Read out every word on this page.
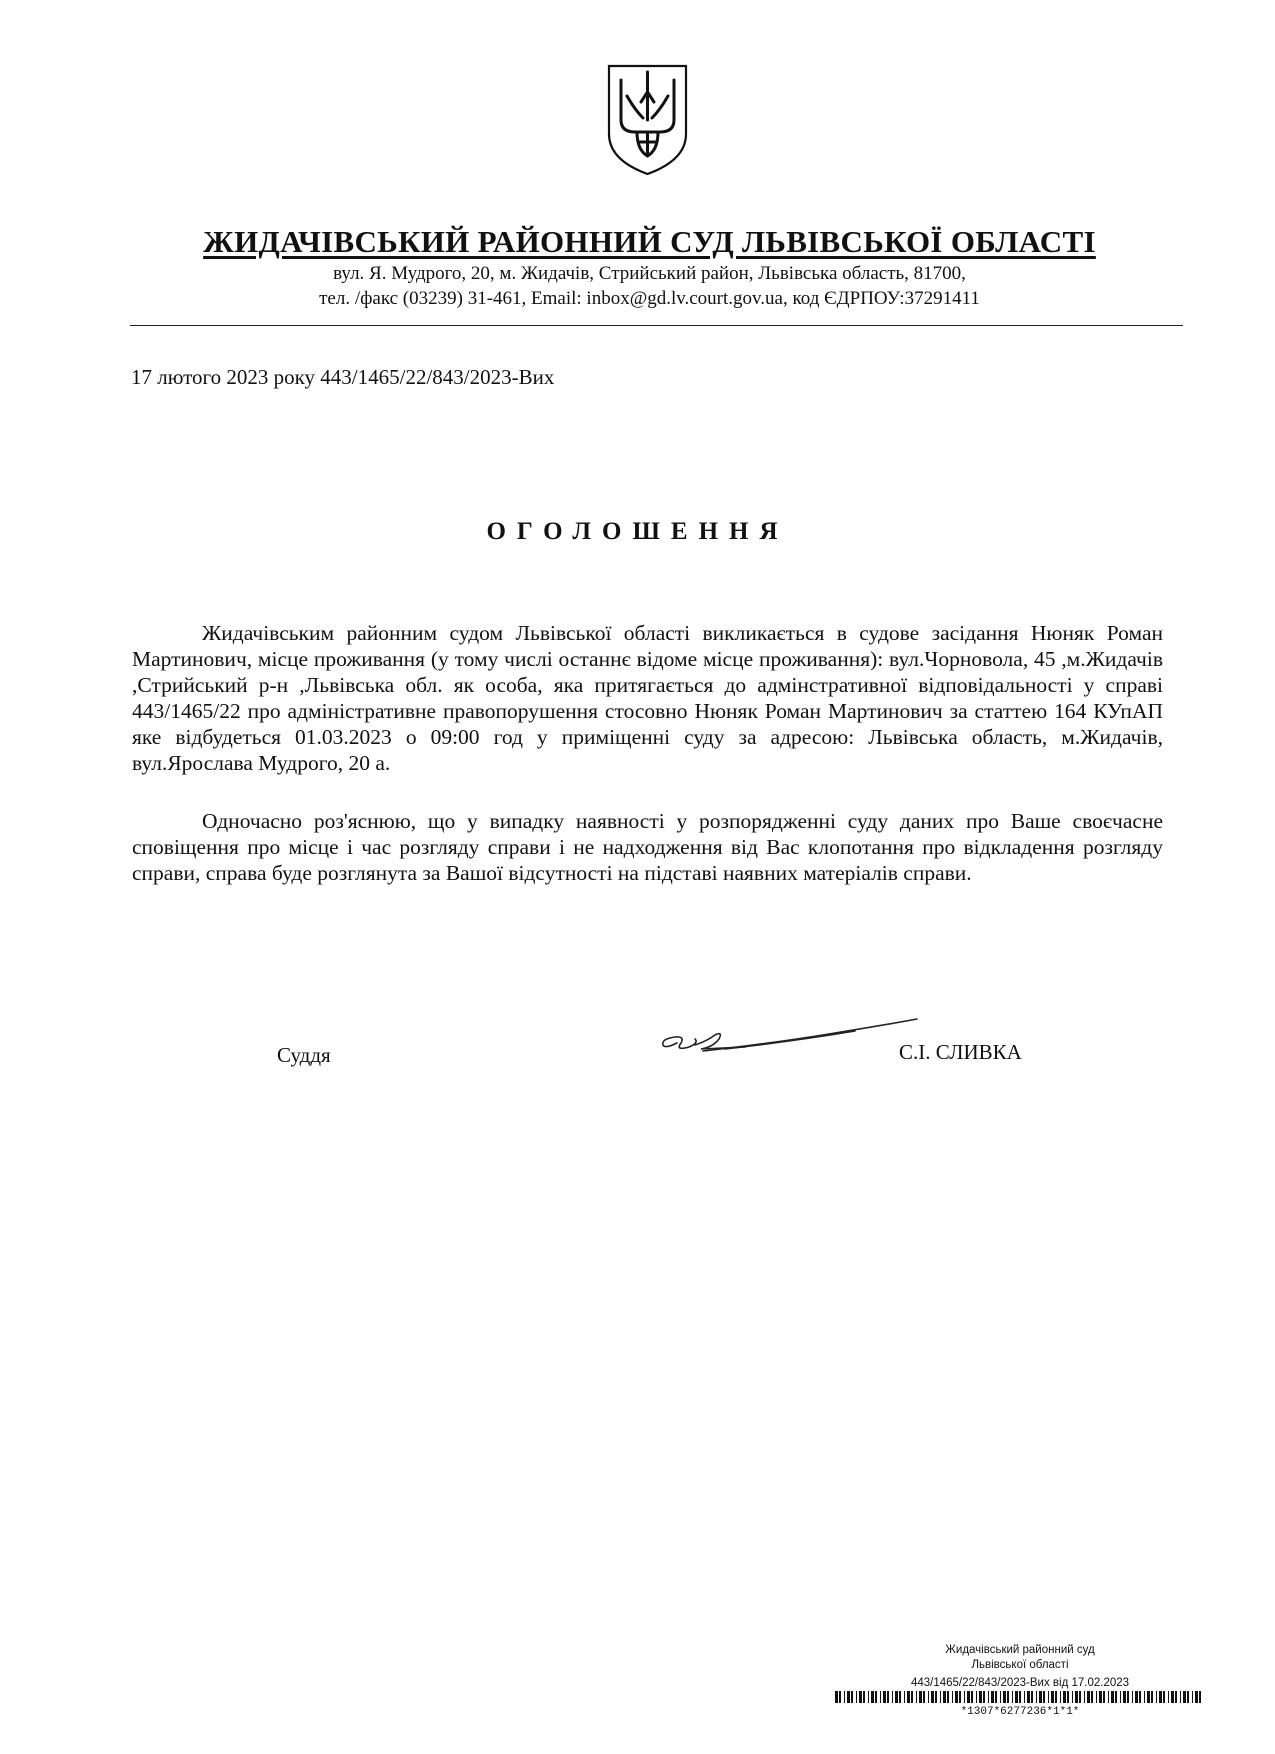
ЖИДАЧІВСЬКИЙ РАЙОННИЙ СУД ЛЬВІВСЬКОЇ ОБЛАСТІ
вул. Я. Мудрого, 20, м. Жидачів, Стрийський район, Львівська область, 81700,
тел. /факс (03239) 31-461, Email: inbox@gd.lv.court.gov.ua, код ЄДРПОУ:37291411
17 лютого 2023 року 443/1465/22/843/2023-Вих
ОГОЛОШЕННЯ
Жидачівським районним судом Львівської області викликається в судове засідання Нюняк Роман Мартинович, місце проживання (у тому числі останнє відоме місце проживання): вул.Чорновола, 45 ,м.Жидачів ,Стрийський р-н ,Львівська обл. як особа, яка притягається до адмінстративної відповідальності у справі 443/1465/22 про адміністративне правопорушення стосовно Нюняк Роман Мартинович за статтею 164 КУпАП яке відбудеться 01.03.2023 о 09:00 год у приміщенні суду за адресою: Львівська область, м.Жидачів, вул.Ярослава Мудрого, 20 а.
Одночасно роз'яснюю, що у випадку наявності у розпорядженні суду даних про Ваше своєчасне сповіщення про місце і час розгляду справи і не надходження від Вас клопотання про відкладення розгляду справи, справа буде розглянута за Вашої відсутності на підставі наявних матеріалів справи.
Суддя	С.І. СЛИВКА
Жидачівський районний суд
Львівської області
443/1465/22/843/2023-Вих від 17.02.2023
*1307*6277236*1*1*
